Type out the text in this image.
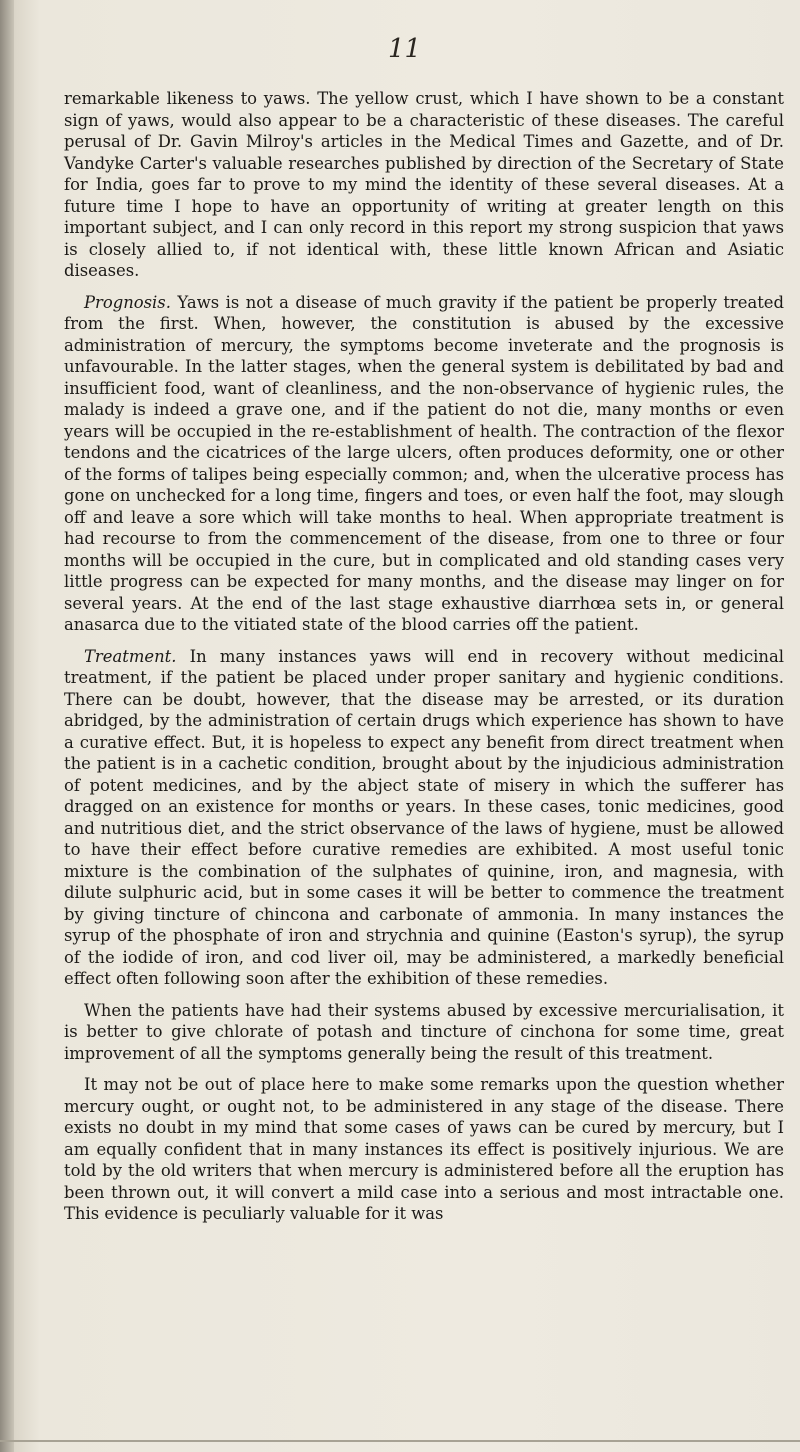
11

remarkable likeness to yaws. The yellow crust, which I have shown to be a constant sign of yaws, would also appear to be a characteristic of these diseases. The careful perusal of Dr. Gavin Milroy's articles in the Medical Times and Gazette, and of Dr. Vandyke Carter's valuable researches published by direction of the Secretary of State for India, goes far to prove to my mind the identity of these several diseases. At a future time I hope to have an opportunity of writing at greater length on this important subject, and I can only record in this report my strong suspicion that yaws is closely allied to, if not identical with, these little known African and Asiatic diseases.

Prognosis. Yaws is not a disease of much gravity if the patient be properly treated from the first. When, however, the constitution is abused by the excessive administration of mercury, the symptoms become inveterate and the prognosis is unfavourable. In the latter stages, when the general system is debilitated by bad and insufficient food, want of cleanliness, and the non-observance of hygienic rules, the malady is indeed a grave one, and if the patient do not die, many months or even years will be occupied in the re-establishment of health. The contraction of the flexor tendons and the cicatrices of the large ulcers, often produces deformity, one or other of the forms of talipes being especially common; and, when the ulcerative process has gone on unchecked for a long time, fingers and toes, or even half the foot, may slough off and leave a sore which will take months to heal. When appropriate treatment is had recourse to from the commencement of the disease, from one to three or four months will be occupied in the cure, but in complicated and old standing cases very little progress can be expected for many months, and the disease may linger on for several years. At the end of the last stage exhaustive diarrhœa sets in, or general anasarca due to the vitiated state of the blood carries off the patient.

Treatment. In many instances yaws will end in recovery without medicinal treatment, if the patient be placed under proper sanitary and hygienic conditions. There can be doubt, however, that the disease may be arrested, or its duration abridged, by the administration of certain drugs which experience has shown to have a curative effect. But, it is hopeless to expect any benefit from direct treatment when the patient is in a cachetic condition, brought about by the injudicious administration of potent medicines, and by the abject state of misery in which the sufferer has dragged on an existence for months or years. In these cases, tonic medicines, good and nutritious diet, and the strict observance of the laws of hygiene, must be allowed to have their effect before curative remedies are exhibited. A most useful tonic mixture is the combination of the sulphates of quinine, iron, and magnesia, with dilute sulphuric acid, but in some cases it will be better to commence the treatment by giving tincture of chincona and carbonate of ammonia. In many instances the syrup of the phosphate of iron and strychnia and quinine (Easton's syrup), the syrup of the iodide of iron, and cod liver oil, may be administered, a markedly beneficial effect often following soon after the exhibition of these remedies.

When the patients have had their systems abused by excessive mercurialisation, it is better to give chlorate of potash and tincture of cinchona for some time, great improvement of all the symptoms generally being the result of this treatment.

It may not be out of place here to make some remarks upon the question whether mercury ought, or ought not, to be administered in any stage of the disease. There exists no doubt in my mind that some cases of yaws can be cured by mercury, but I am equally confident that in many instances its effect is positively injurious. We are told by the old writers that when mercury is administered before all the eruption has been thrown out, it will convert a mild case into a serious and most intractable one. This evidence is peculiarly valuable for it was
